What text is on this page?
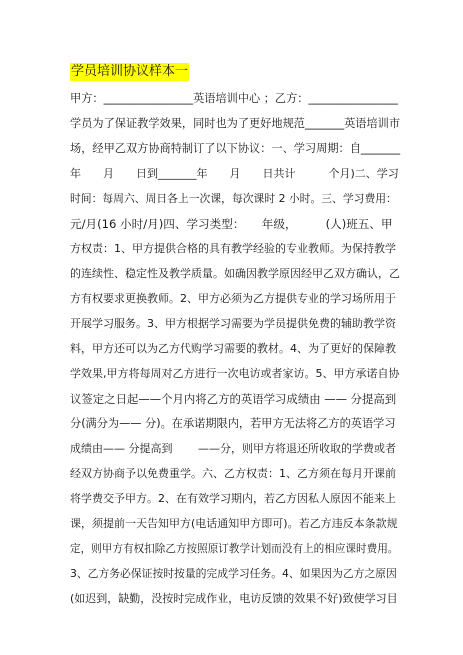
学员培训协议样本一
甲方：________________英语培训中心 ；乙方：________________
学员为了保证教学效果，同时也为了更好地规范_______英语培训市
场，经甲乙双方协商特制订了以下协议：一、学习周期：自_______
年　　月　　日到_______年　　月　　日共计　　　个月)二、学习
时间：每周六、周日各上一次课，每次课时 2 小时。三、学习费用：
元/月(16 小时/月)四、学习类型：　　年级，　　　(人)班五、甲
方权责：1、甲方提供合格的具有教学经验的专业教师。为保持教学
的连续性、稳定性及教学质量。如确因教学原因经甲乙双方确认，乙
方有权要求更换教师。2、甲方必须为乙方提供专业的学习场所用于
开展学习服务。3、甲方根据学习需要为学员提供免费的辅助教学资
料，甲方还可以为乙方代购学习需要的教材。4、为了更好的保障教
学效果,甲方将每周对乙方进行一次电访或者家访。5、甲方承诺自协
议签定之日起——个月内将乙方的英语学习成绩由 —— 分提高到
分(满分为—— 分)。在承诺期限内，若甲方无法将乙方的英语学习
成绩由—— 分提高到　　 ——分，则甲方将退还所收取的学费或者
经双方协商予以免费重学。六、乙方权责：1、乙方须在每月开课前
将学费交予甲方。2、在有效学习期内，若乙方因私人原因不能来上
课，须提前一天告知甲方(电话通知甲方即可)。若乙方违反本条款规
定，则甲方有权扣除乙方按照原订教学计划而没有上的相应课时费用。
3、乙方务必保证按时按量的完成学习任务。4、如果因为乙方之原因
(如迟到，缺勤，没按时完成作业，电访反馈的效果不好)致使学习目
